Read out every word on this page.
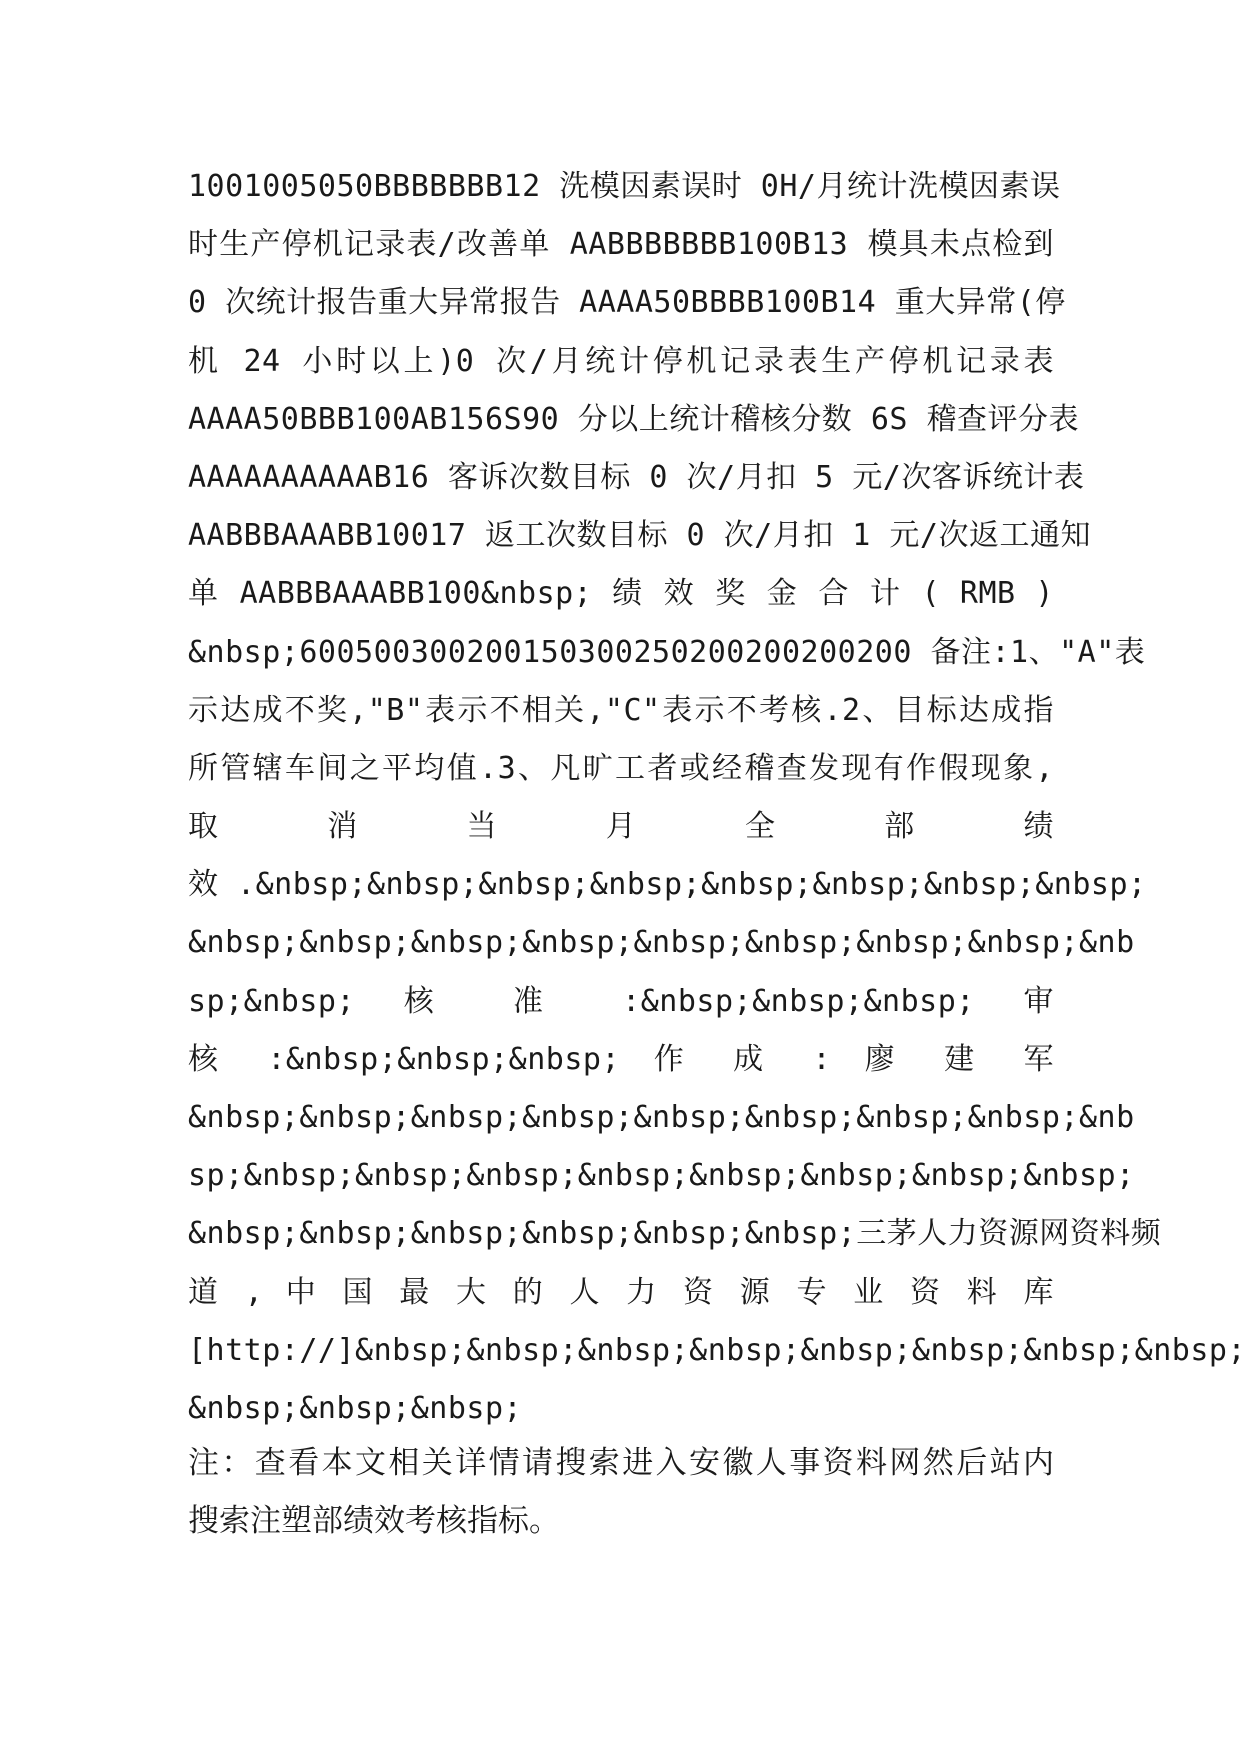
1001005050BBBBBBB12 洗模因素误时 0H/月统计洗模因素误
时生产停机记录表/改善单 AABBBBBBB100B13 模具未点检到
0 次统计报告重大异常报告 AAAA50BBBB100B14 重大异常(停
机 24 小时以上)0 次/月统计停机记录表生产停机记录表
AAAA50BBB100AB156S90 分以上统计稽核分数 6S 稽查评分表
AAAAAAAAAAB16 客诉次数目标 0 次/月扣 5 元/次客诉统计表
AABBBAAABB10017 返工次数目标 0 次/月扣 1 元/次返工通知
单 AABBBAAABB100&nbsp; 绩 效 奖 金 合 计 ( RMB )
&nbsp;600500300200150300250200200200200 备注:1、"A"表
示达成不奖,"B"表示不相关,"C"表示不考核.2、目标达成指
所管辖车间之平均值.3、凡旷工者或经稽查发现有作假现象,
取 消 当 月 全 部 绩
效 .&nbsp;&nbsp;&nbsp;&nbsp;&nbsp;&nbsp;&nbsp;&nbsp;
&nbsp;&nbsp;&nbsp;&nbsp;&nbsp;&nbsp;&nbsp;&nbsp;&nb
sp;&nbsp; 核 准 :&nbsp;&nbsp;&nbsp; 审
核 :&nbsp;&nbsp;&nbsp; 作 成 : 廖 建 军
&nbsp;&nbsp;&nbsp;&nbsp;&nbsp;&nbsp;&nbsp;&nbsp;&nb
sp;&nbsp;&nbsp;&nbsp;&nbsp;&nbsp;&nbsp;&nbsp;&nbsp;
&nbsp;&nbsp;&nbsp;&nbsp;&nbsp;&nbsp;三茅人力资源网资料频
道 , 中 国 最 大 的 人 力 资 源 专 业 资 料 库
[http://]&nbsp;&nbsp;&nbsp;&nbsp;&nbsp;&nbsp;&nbsp;&nbsp;
&nbsp;&nbsp;&nbsp;
注：查看本文相关详情请搜索进入安徽人事资料网然后站内
搜索注塑部绩效考核指标。
